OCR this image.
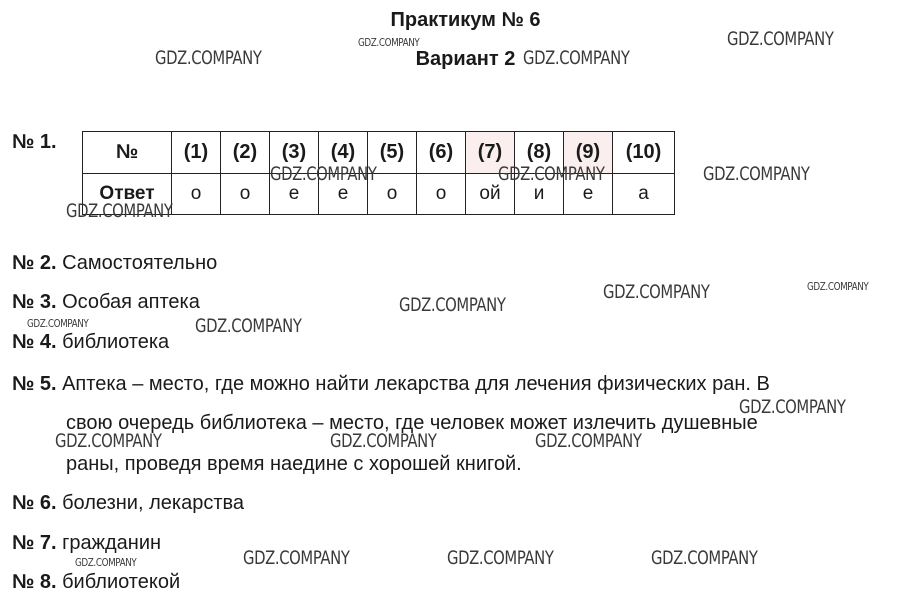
Практикум № 6
Вариант 2
№ 1.	№	(1)	(2)	(3)	(4)	(5)	(6)	(7)	(8)	(9)	(10)
Ответ	о	о	е	е	о	о	ой	и	е	а
№ 2. Самостоятельно
№ 3. Особая аптека
№ 4. библиотека
№ 5. Аптека – место, где можно найти лекарства для лечения физических ран. В
свою очередь библиотека – место, где человек может излечить душевные
раны, проведя время наедине с хорошей книгой.
№ 6. болезни, лекарства
№ 7. гражданин
№ 8. библиотекой
GDZ.COMPANY
GDZ.COMPANY
GDZ.COMPANY
GDZ.COMPANY
GDZ.COMPANY	GDZ.COMPANY	GDZ.COMPANY
GDZ.COMPANY
GDZ.COMPANY	GDZ.COMPANY
GDZ.COMPANY
GDZ.COMPANY	GDZ.COMPANY
GDZ.COMPANY
GDZ.COMPANY	GDZ.COMPANY	GDZ.COMPANY
GDZ.COMPANY	GDZ.COMPANY	GDZ.COMPANY
GDZ.COMPANY
